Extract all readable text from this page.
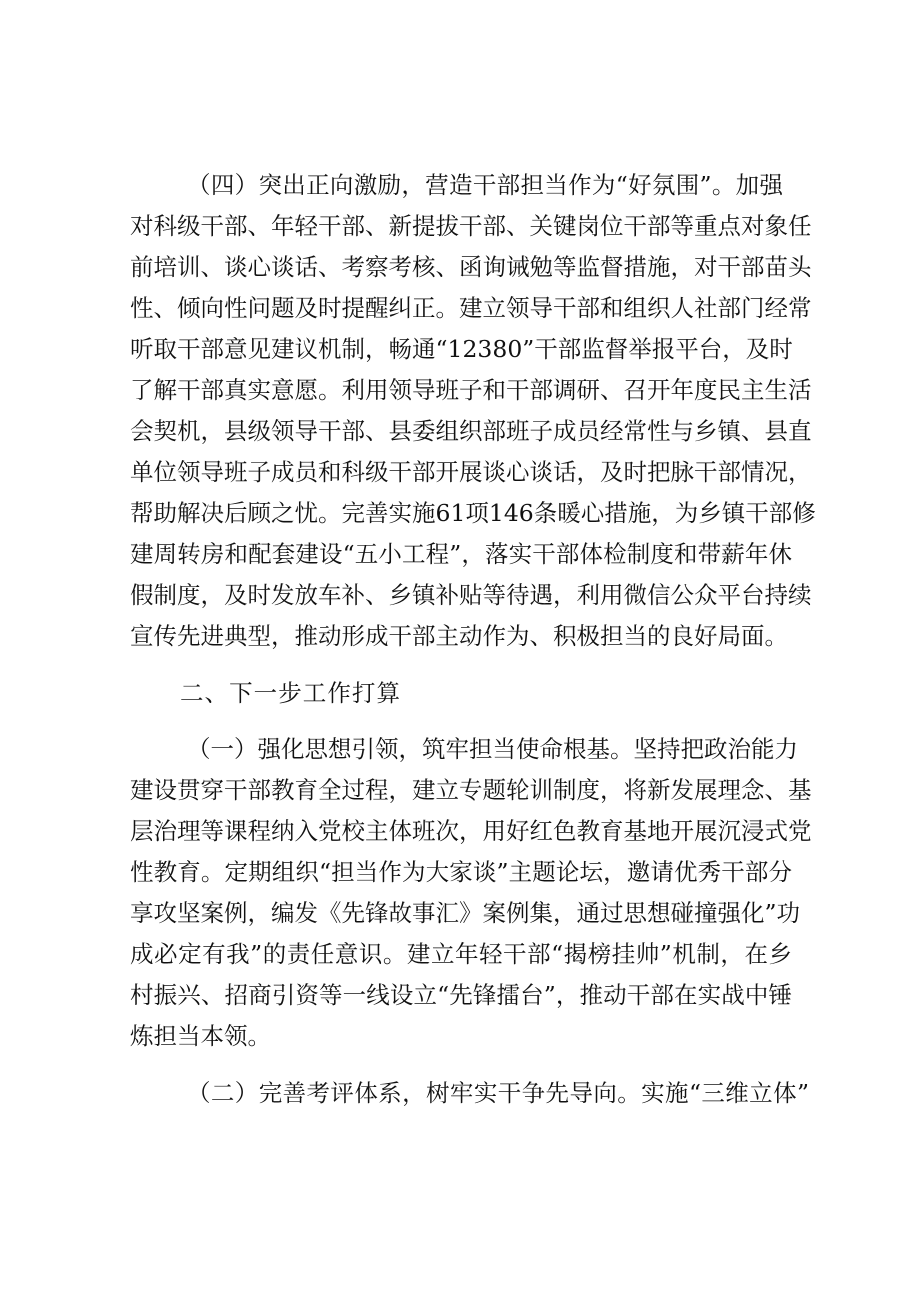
（四）突出正向激励，营造干部担当作为“好氛围”。加强
对科级干部、年轻干部、新提拔干部、关键岗位干部等重点对象任
前培训、谈心谈话、考察考核、函询诫勉等监督措施，对干部苗头
性、倾向性问题及时提醒纠正。建立领导干部和组织人社部门经常
听取干部意见建议机制，畅通“12380”干部监督举报平台，及时
了解干部真实意愿。利用领导班子和干部调研、召开年度民主生活
会契机，县级领导干部、县委组织部班子成员经常性与乡镇、县直
单位领导班子成员和科级干部开展谈心谈话，及时把脉干部情况，
帮助解决后顾之忧。完善实施61项146条暖心措施，为乡镇干部修
建周转房和配套建设“五小工程”，落实干部体检制度和带薪年休
假制度，及时发放车补、乡镇补贴等待遇，利用微信公众平台持续
宣传先进典型，推动形成干部主动作为、积极担当的良好局面。
二、下一步工作打算
（一）强化思想引领，筑牢担当使命根基。坚持把政治能力
建设贯穿干部教育全过程，建立专题轮训制度，将新发展理念、基
层治理等课程纳入党校主体班次，用好红色教育基地开展沉浸式党
性教育。定期组织“担当作为大家谈”主题论坛，邀请优秀干部分
享攻坚案例，编发《先锋故事汇》案例集，通过思想碰撞强化”功
成必定有我”的责任意识。建立年轻干部“揭榜挂帅”机制，在乡
村振兴、招商引资等一线设立“先锋擂台”，推动干部在实战中锤
炼担当本领。
（二）完善考评体系，树牢实干争先导向。实施“三维立体”
